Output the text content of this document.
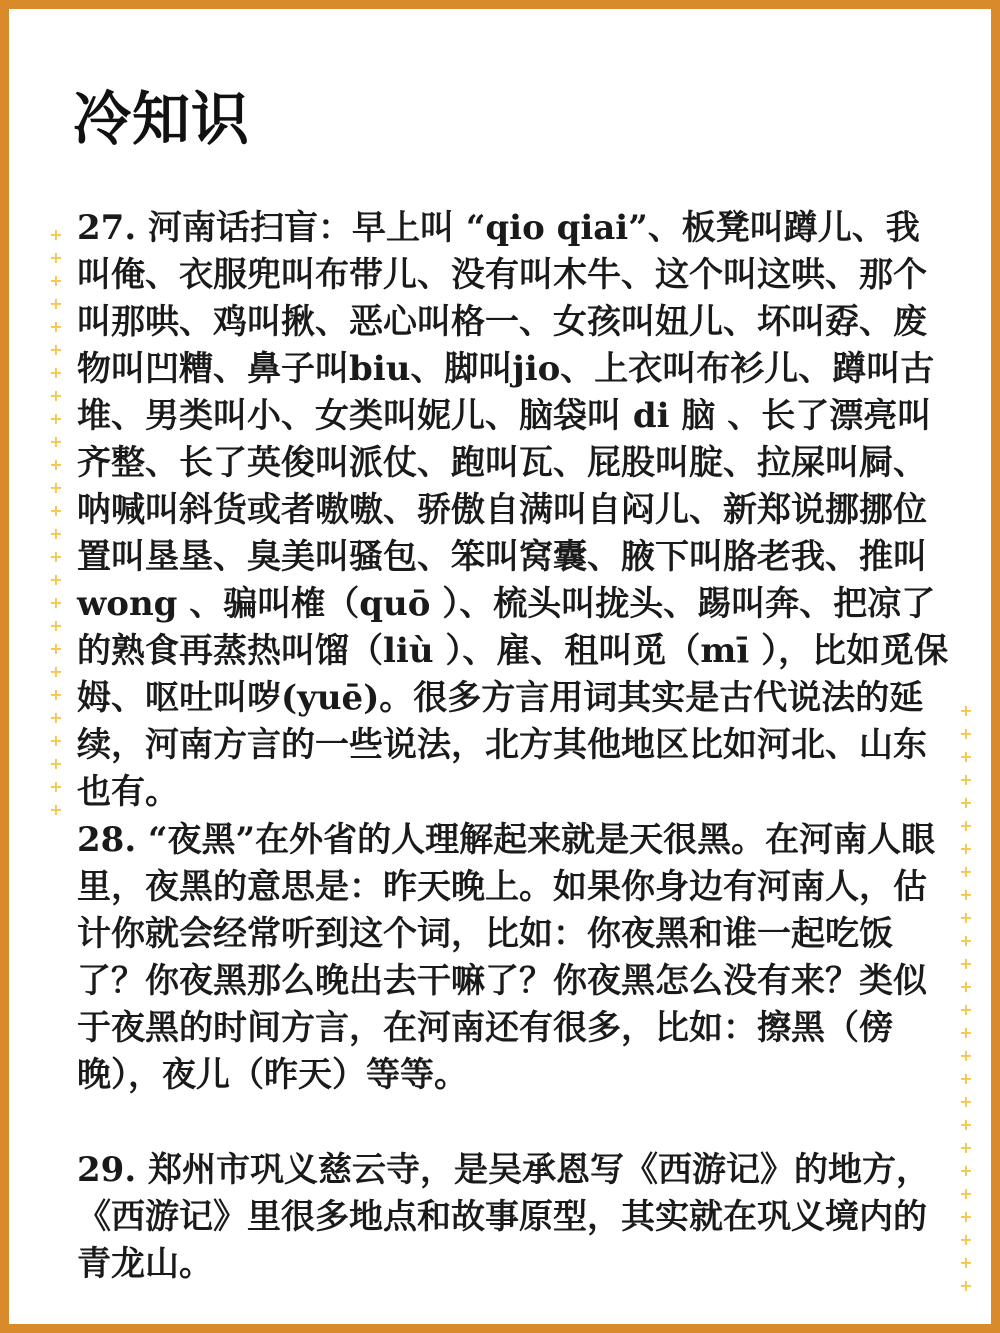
冷知识
+
+
+
+
+
+
+
+
+
+
+
+
+
+
+
+
+
+
+
+
+
+
+
+
+
+
+
+
+
+
+
+
+
+
+
+
+
+
+
+
+
+
+
+
+
+
+
+
+
+
+
+

27. 河南话扫盲：早上叫 “qio qiai”、板凳叫蹲儿、我叫俺、衣服兜叫布带儿、没有叫木牛、这个叫这哄、那个叫那哄、鸡叫揪、恶心叫格一、女孩叫妞儿、坏叫孬、废物叫凹糟、鼻子叫biu、脚叫jio、上衣叫布衫儿、蹲叫古堆、男类叫小、女类叫妮儿、脑袋叫 di 脑 、长了漂亮叫齐整、长了英俊叫派仗、跑叫瓦、屁股叫腚、拉屎叫屙、呐喊叫斜货或者嗷嗷、骄傲自满叫自闷儿、新郑说挪挪位置叫垦垦、臭美叫骚包、笨叫窝囊、腋下叫胳老我、推叫wong 、骗叫榷（quō ）、梳头叫拢头、踢叫奔、把凉了的熟食再蒸热叫馏（liù ）、雇、租叫觅（mī ），比如觅保姆、呕吐叫哕(yuē)。很多方言用词其实是古代说法的延续，河南方言的一些说法，北方其他地区比如河北、山东也有。

28. “夜黑”在外省的人理解起来就是天很黑。在河南人眼里，夜黑的意思是：昨天晚上。如果你身边有河南人，估计你就会经常听到这个词，比如：你夜黑和谁一起吃饭了？你夜黑那么晚出去干嘛了？你夜黑怎么没有来？类似于夜黑的时间方言，在河南还有很多，比如：擦黑（傍晚），夜儿（昨天）等等。

29. 郑州市巩义慈云寺，是吴承恩写《西游记》的地方，《西游记》里很多地点和故事原型，其实就在巩义境内的青龙山。
